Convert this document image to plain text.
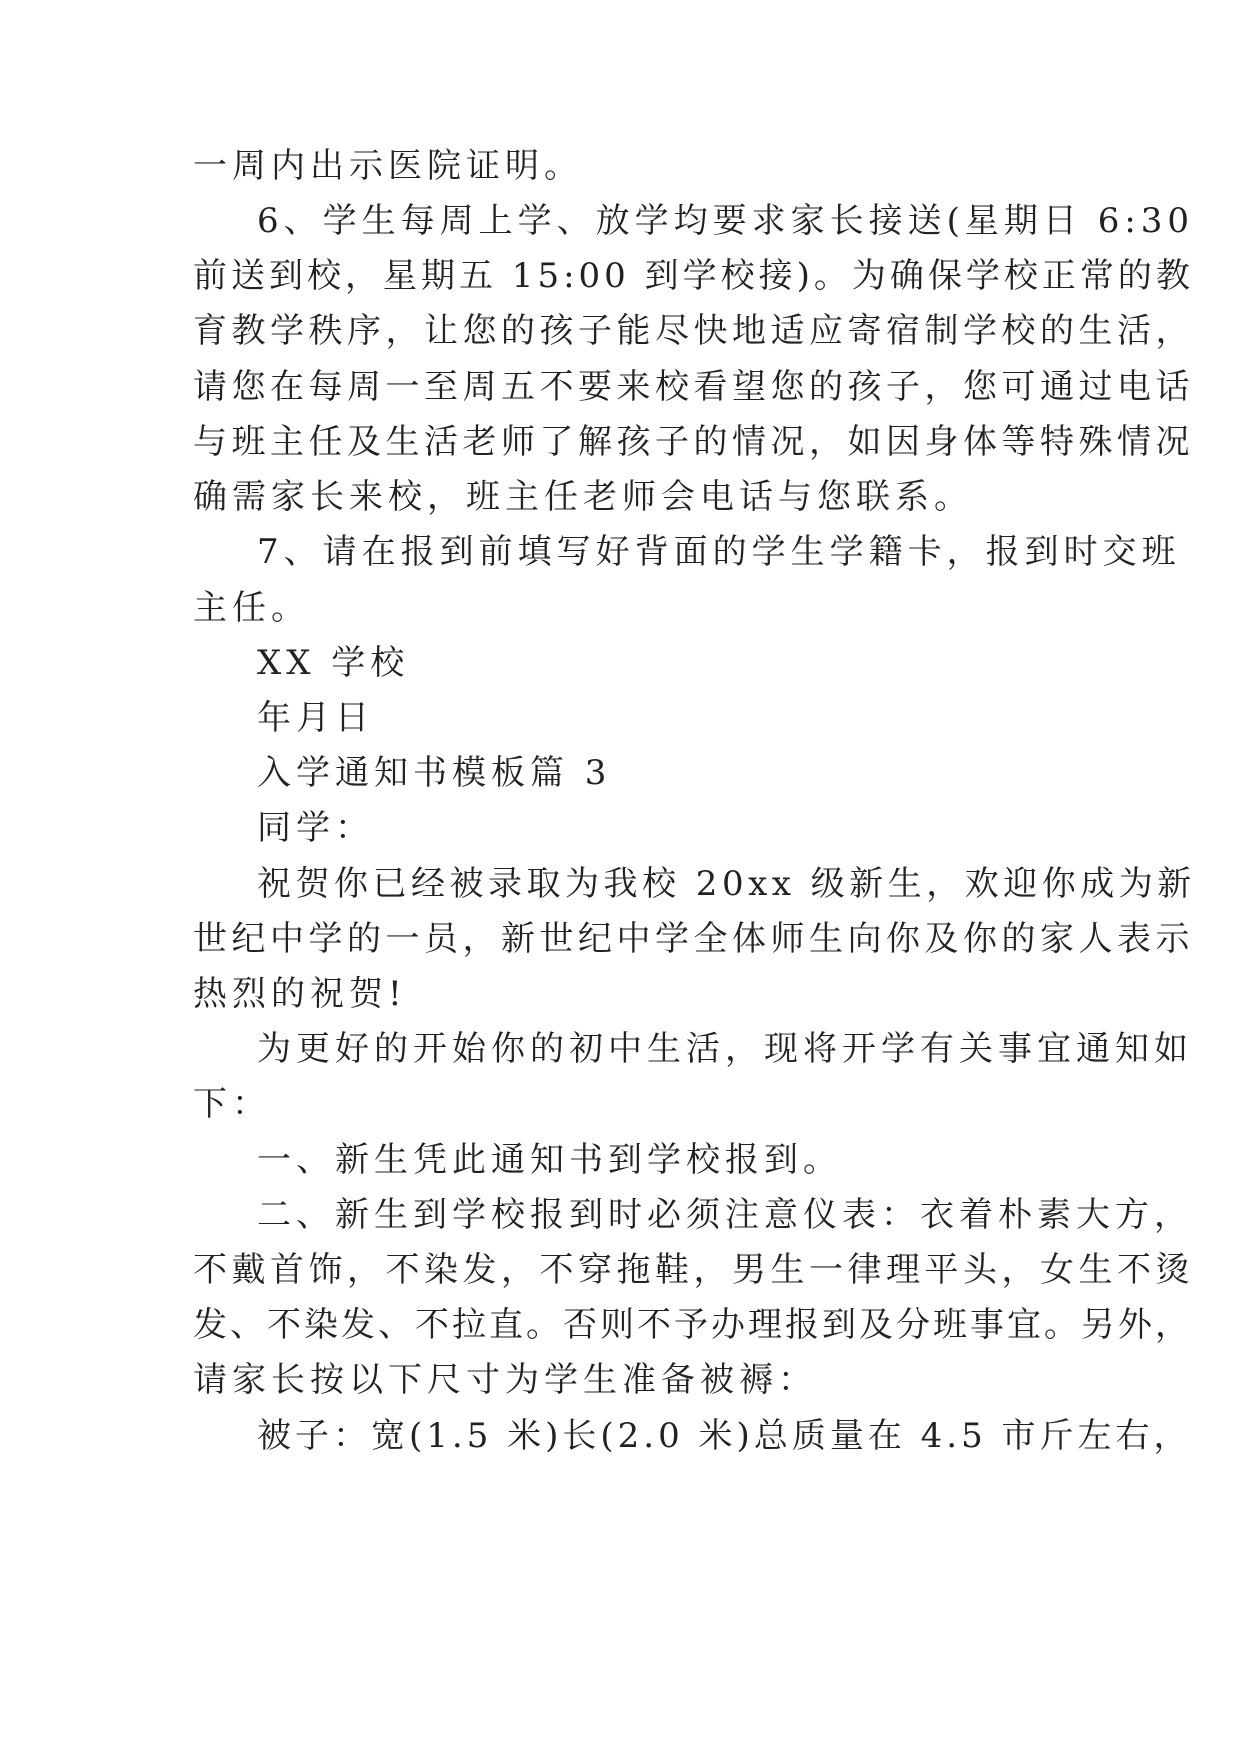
一周内出示医院证明。
6、学生每周上学、放学均要求家长接送(星期日 6:30
前送到校，星期五 15:00 到学校接)。为确保学校正常的教
育教学秩序，让您的孩子能尽快地适应寄宿制学校的生活，
请您在每周一至周五不要来校看望您的孩子，您可通过电话
与班主任及生活老师了解孩子的情况，如因身体等特殊情况
确需家长来校，班主任老师会电话与您联系。
7、请在报到前填写好背面的学生学籍卡，报到时交班
主任。
XX 学校
年月日
入学通知书模板篇 3
同学：
祝贺你已经被录取为我校 20xx 级新生，欢迎你成为新
世纪中学的一员，新世纪中学全体师生向你及你的家人表示
热烈的祝贺!
为更好的开始你的初中生活，现将开学有关事宜通知如
下：
一、新生凭此通知书到学校报到。
二、新生到学校报到时必须注意仪表：衣着朴素大方，
不戴首饰，不染发，不穿拖鞋，男生一律理平头，女生不烫
发、不染发、不拉直。否则不予办理报到及分班事宜。另外，
请家长按以下尺寸为学生准备被褥：
被子：宽(1.5 米)长(2.0 米)总质量在 4.5 市斤左右，
